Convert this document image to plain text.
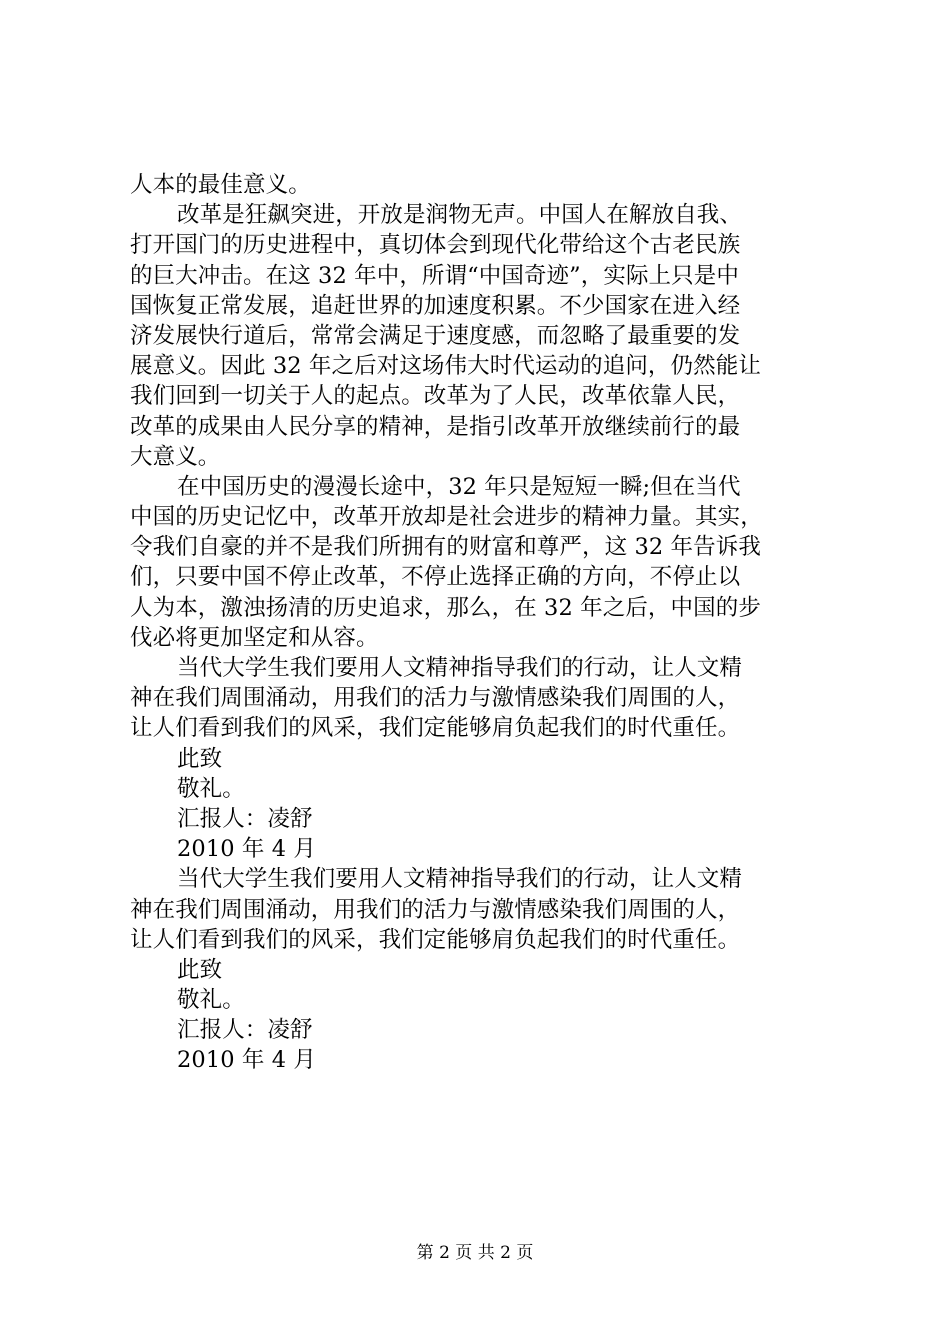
人本的最佳意义。
改革是狂飙突进，开放是润物无声。中国人在解放自我、
打开国门的历史进程中，真切体会到现代化带给这个古老民族
的巨大冲击。在这 32 年中，所谓“中国奇迹”，实际上只是中
国恢复正常发展，追赶世界的加速度积累。不少国家在进入经
济发展快行道后，常常会满足于速度感，而忽略了最重要的发
展意义。因此 32 年之后对这场伟大时代运动的追问，仍然能让
我们回到一切关于人的起点。改革为了人民，改革依靠人民，
改革的成果由人民分享的精神，是指引改革开放继续前行的最
大意义。
在中国历史的漫漫长途中，32 年只是短短一瞬;但在当代
中国的历史记忆中，改革开放却是社会进步的精神力量。其实，
令我们自豪的并不是我们所拥有的财富和尊严，这 32 年告诉我
们，只要中国不停止改革，不停止选择正确的方向，不停止以
人为本，激浊扬清的历史追求，那么，在 32 年之后，中国的步
伐必将更加坚定和从容。
当代大学生我们要用人文精神指导我们的行动，让人文精
神在我们周围涌动，用我们的活力与激情感染我们周围的人，
让人们看到我们的风采，我们定能够肩负起我们的时代重任。
此致
敬礼。
汇报人：凌舒
2010 年 4 月
当代大学生我们要用人文精神指导我们的行动，让人文精
神在我们周围涌动，用我们的活力与激情感染我们周围的人，
让人们看到我们的风采，我们定能够肩负起我们的时代重任。
此致
敬礼。
汇报人：凌舒
2010 年 4 月
第 2 页 共 2 页
